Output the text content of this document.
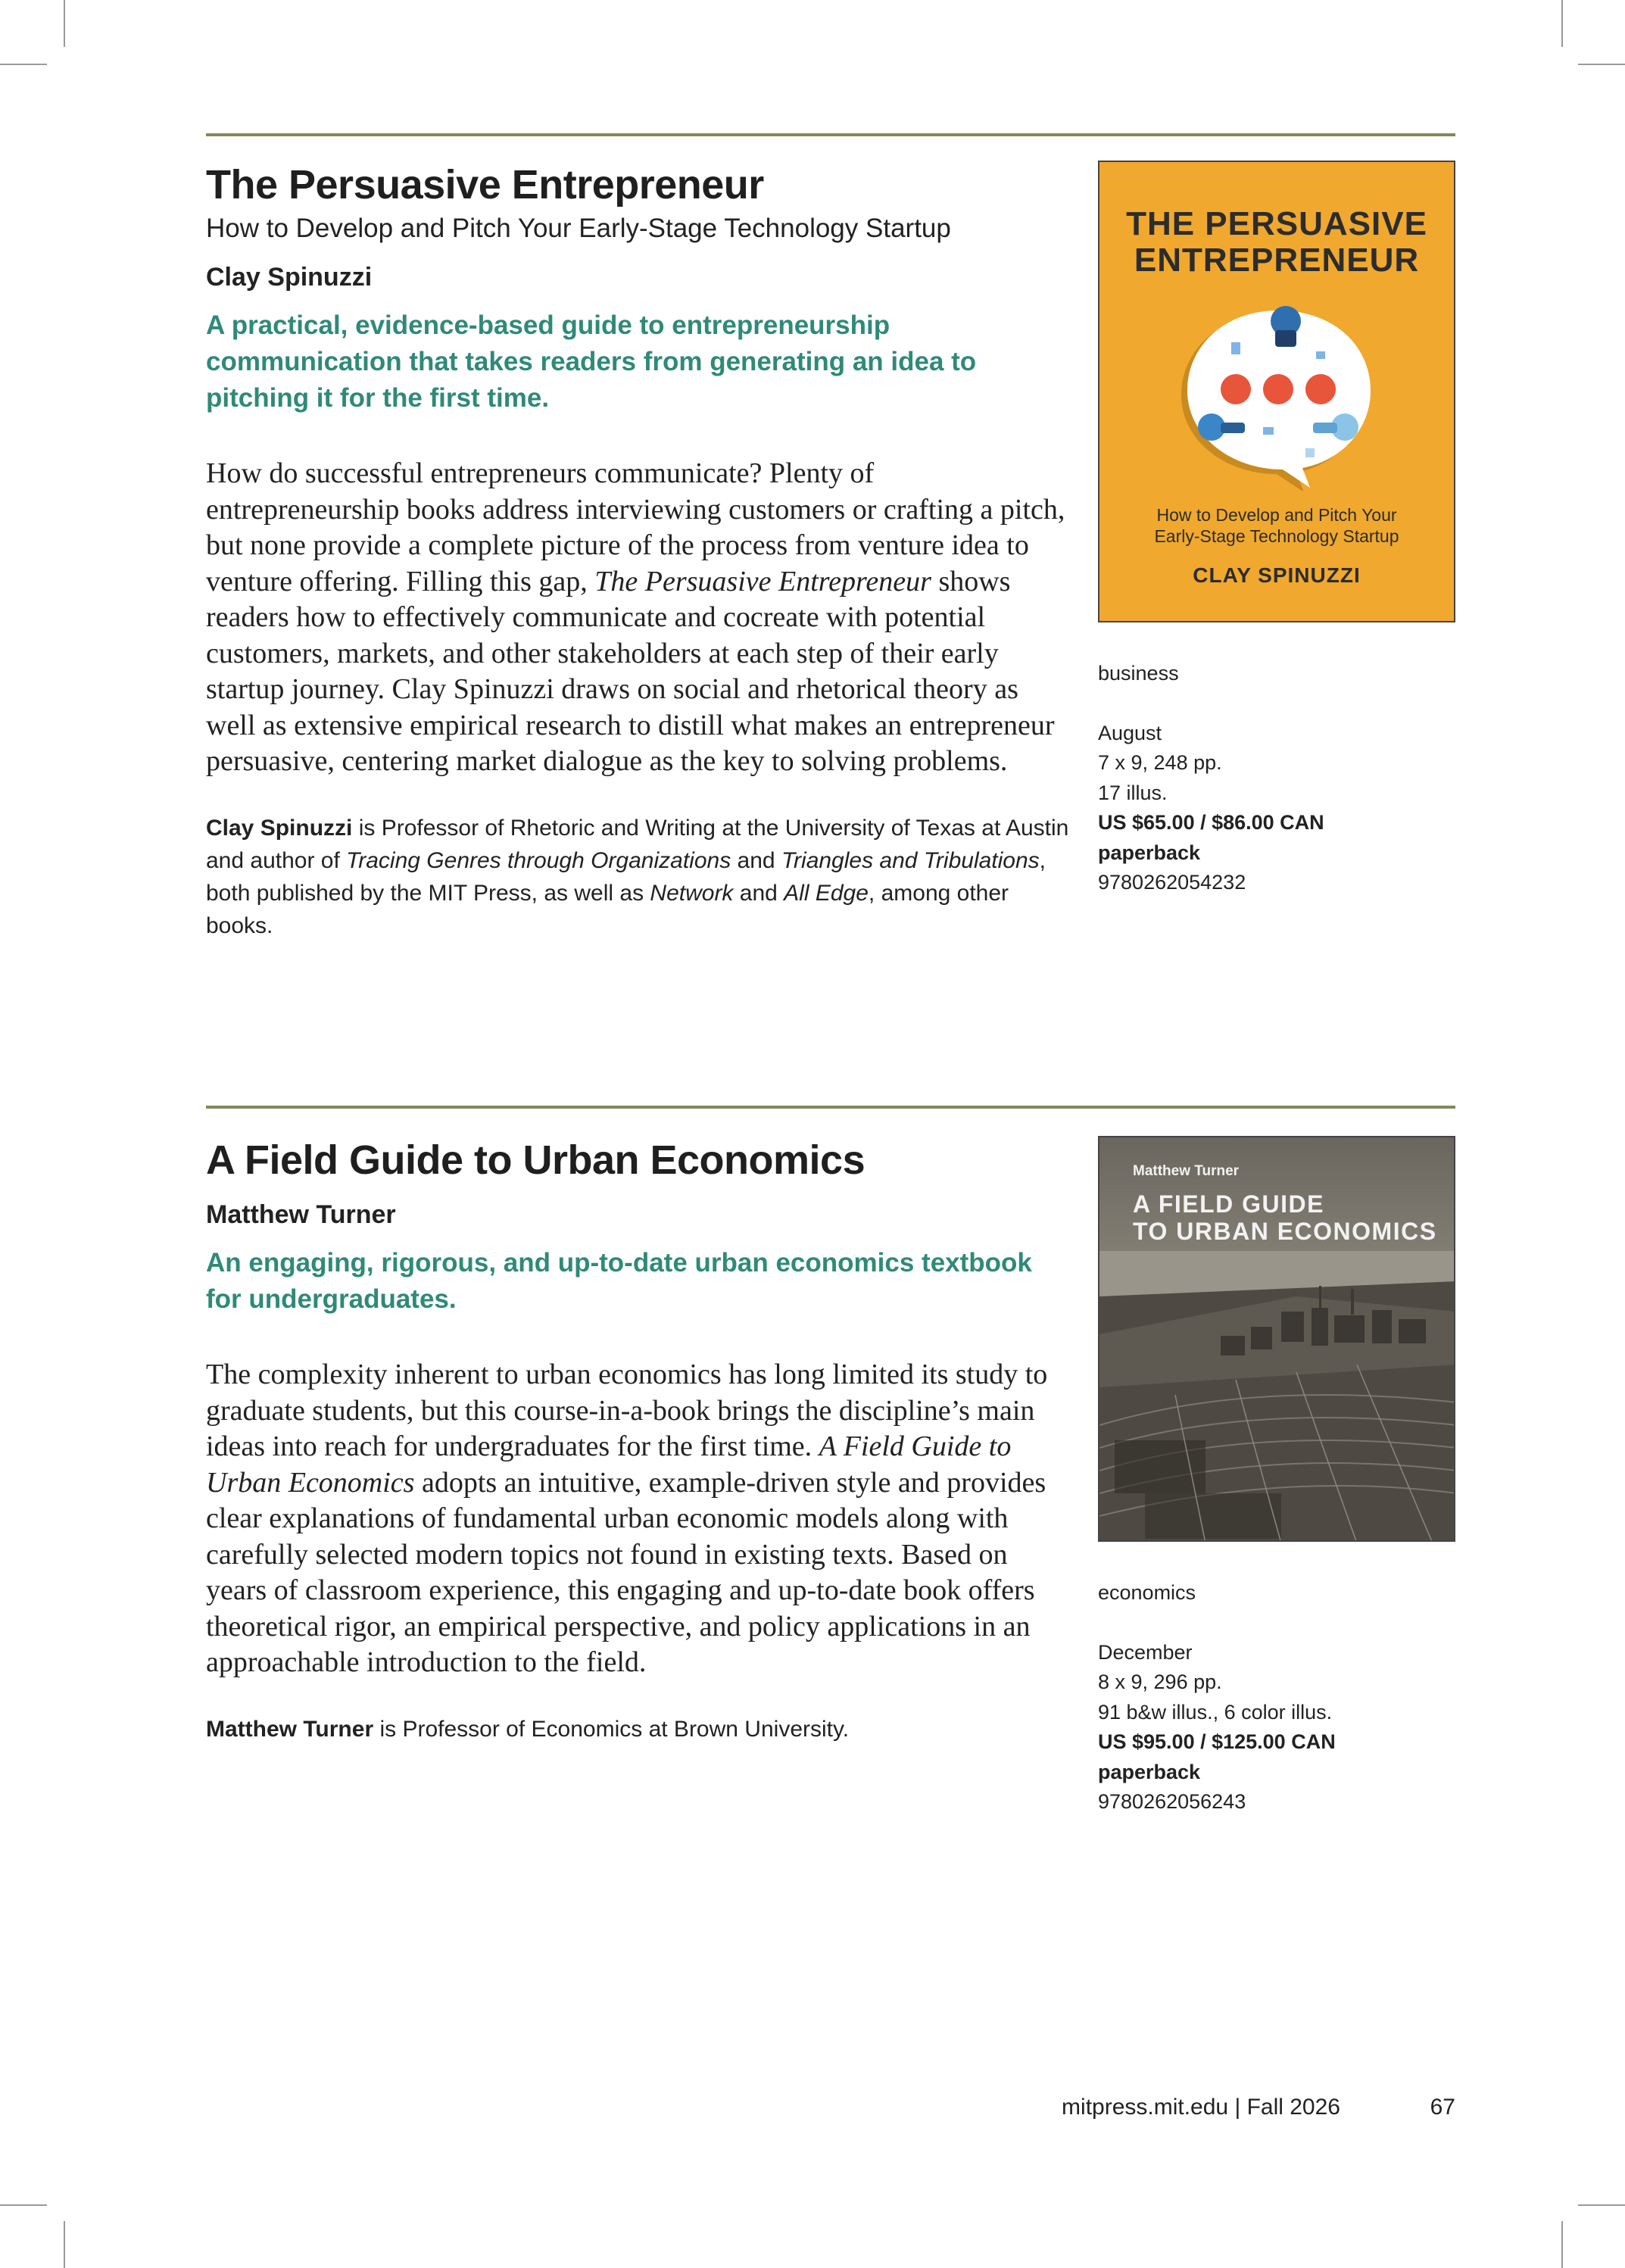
The Persuasive Entrepreneur
How to Develop and Pitch Your Early-Stage Technology Startup
Clay Spinuzzi
A practical, evidence-based guide to entrepreneurship communication that takes readers from generating an idea to pitching it for the first time.
How do successful entrepreneurs communicate? Plenty of entrepreneurship books address interviewing customers or crafting a pitch, but none provide a complete picture of the process from venture idea to venture offering. Filling this gap, The Persuasive Entrepreneur shows readers how to effectively communicate and cocreate with potential customers, markets, and other stakeholders at each step of their early startup journey. Clay Spinuzzi draws on social and rhetorical theory as well as extensive empirical research to distill what makes an entrepreneur persuasive, centering market dialogue as the key to solving problems.
Clay Spinuzzi is Professor of Rhetoric and Writing at the University of Texas at Austin and author of Tracing Genres through Organizations and Triangles and Tribulations, both published by the MIT Press, as well as Network and All Edge, among other books.
THE PERSUASIVE
ENTREPRENEUR
How to Develop and Pitch Your
Early-Stage Technology Startup
CLAY SPINUZZI
business
August
7 x 9, 248 pp.
17 illus.
US $65.00 / $86.00 CAN
paperback
9780262054232
A Field Guide to Urban Economics
Matthew Turner
An engaging, rigorous, and up-to-date urban economics textbook for undergraduates.
The complexity inherent to urban economics has long limited its study to graduate students, but this course-in-a-book brings the discipline’s main ideas into reach for undergraduates for the first time. A Field Guide to Urban Economics adopts an intuitive, example-driven style and provides clear explanations of fundamental urban economic models along with carefully selected modern topics not found in existing texts. Based on years of classroom experience, this engaging and up-to-date book offers theoretical rigor, an empirical perspective, and policy applications in an approachable introduction to the field.
Matthew Turner is Professor of Economics at Brown University.
Matthew Turner
A FIELD GUIDE
TO URBAN ECONOMICS
economics
December
8 x 9, 296 pp.
91 b&w illus., 6 color illus.
US $95.00 / $125.00 CAN
paperback
9780262056243
mitpress.mit.edu | Fall 2026	67
